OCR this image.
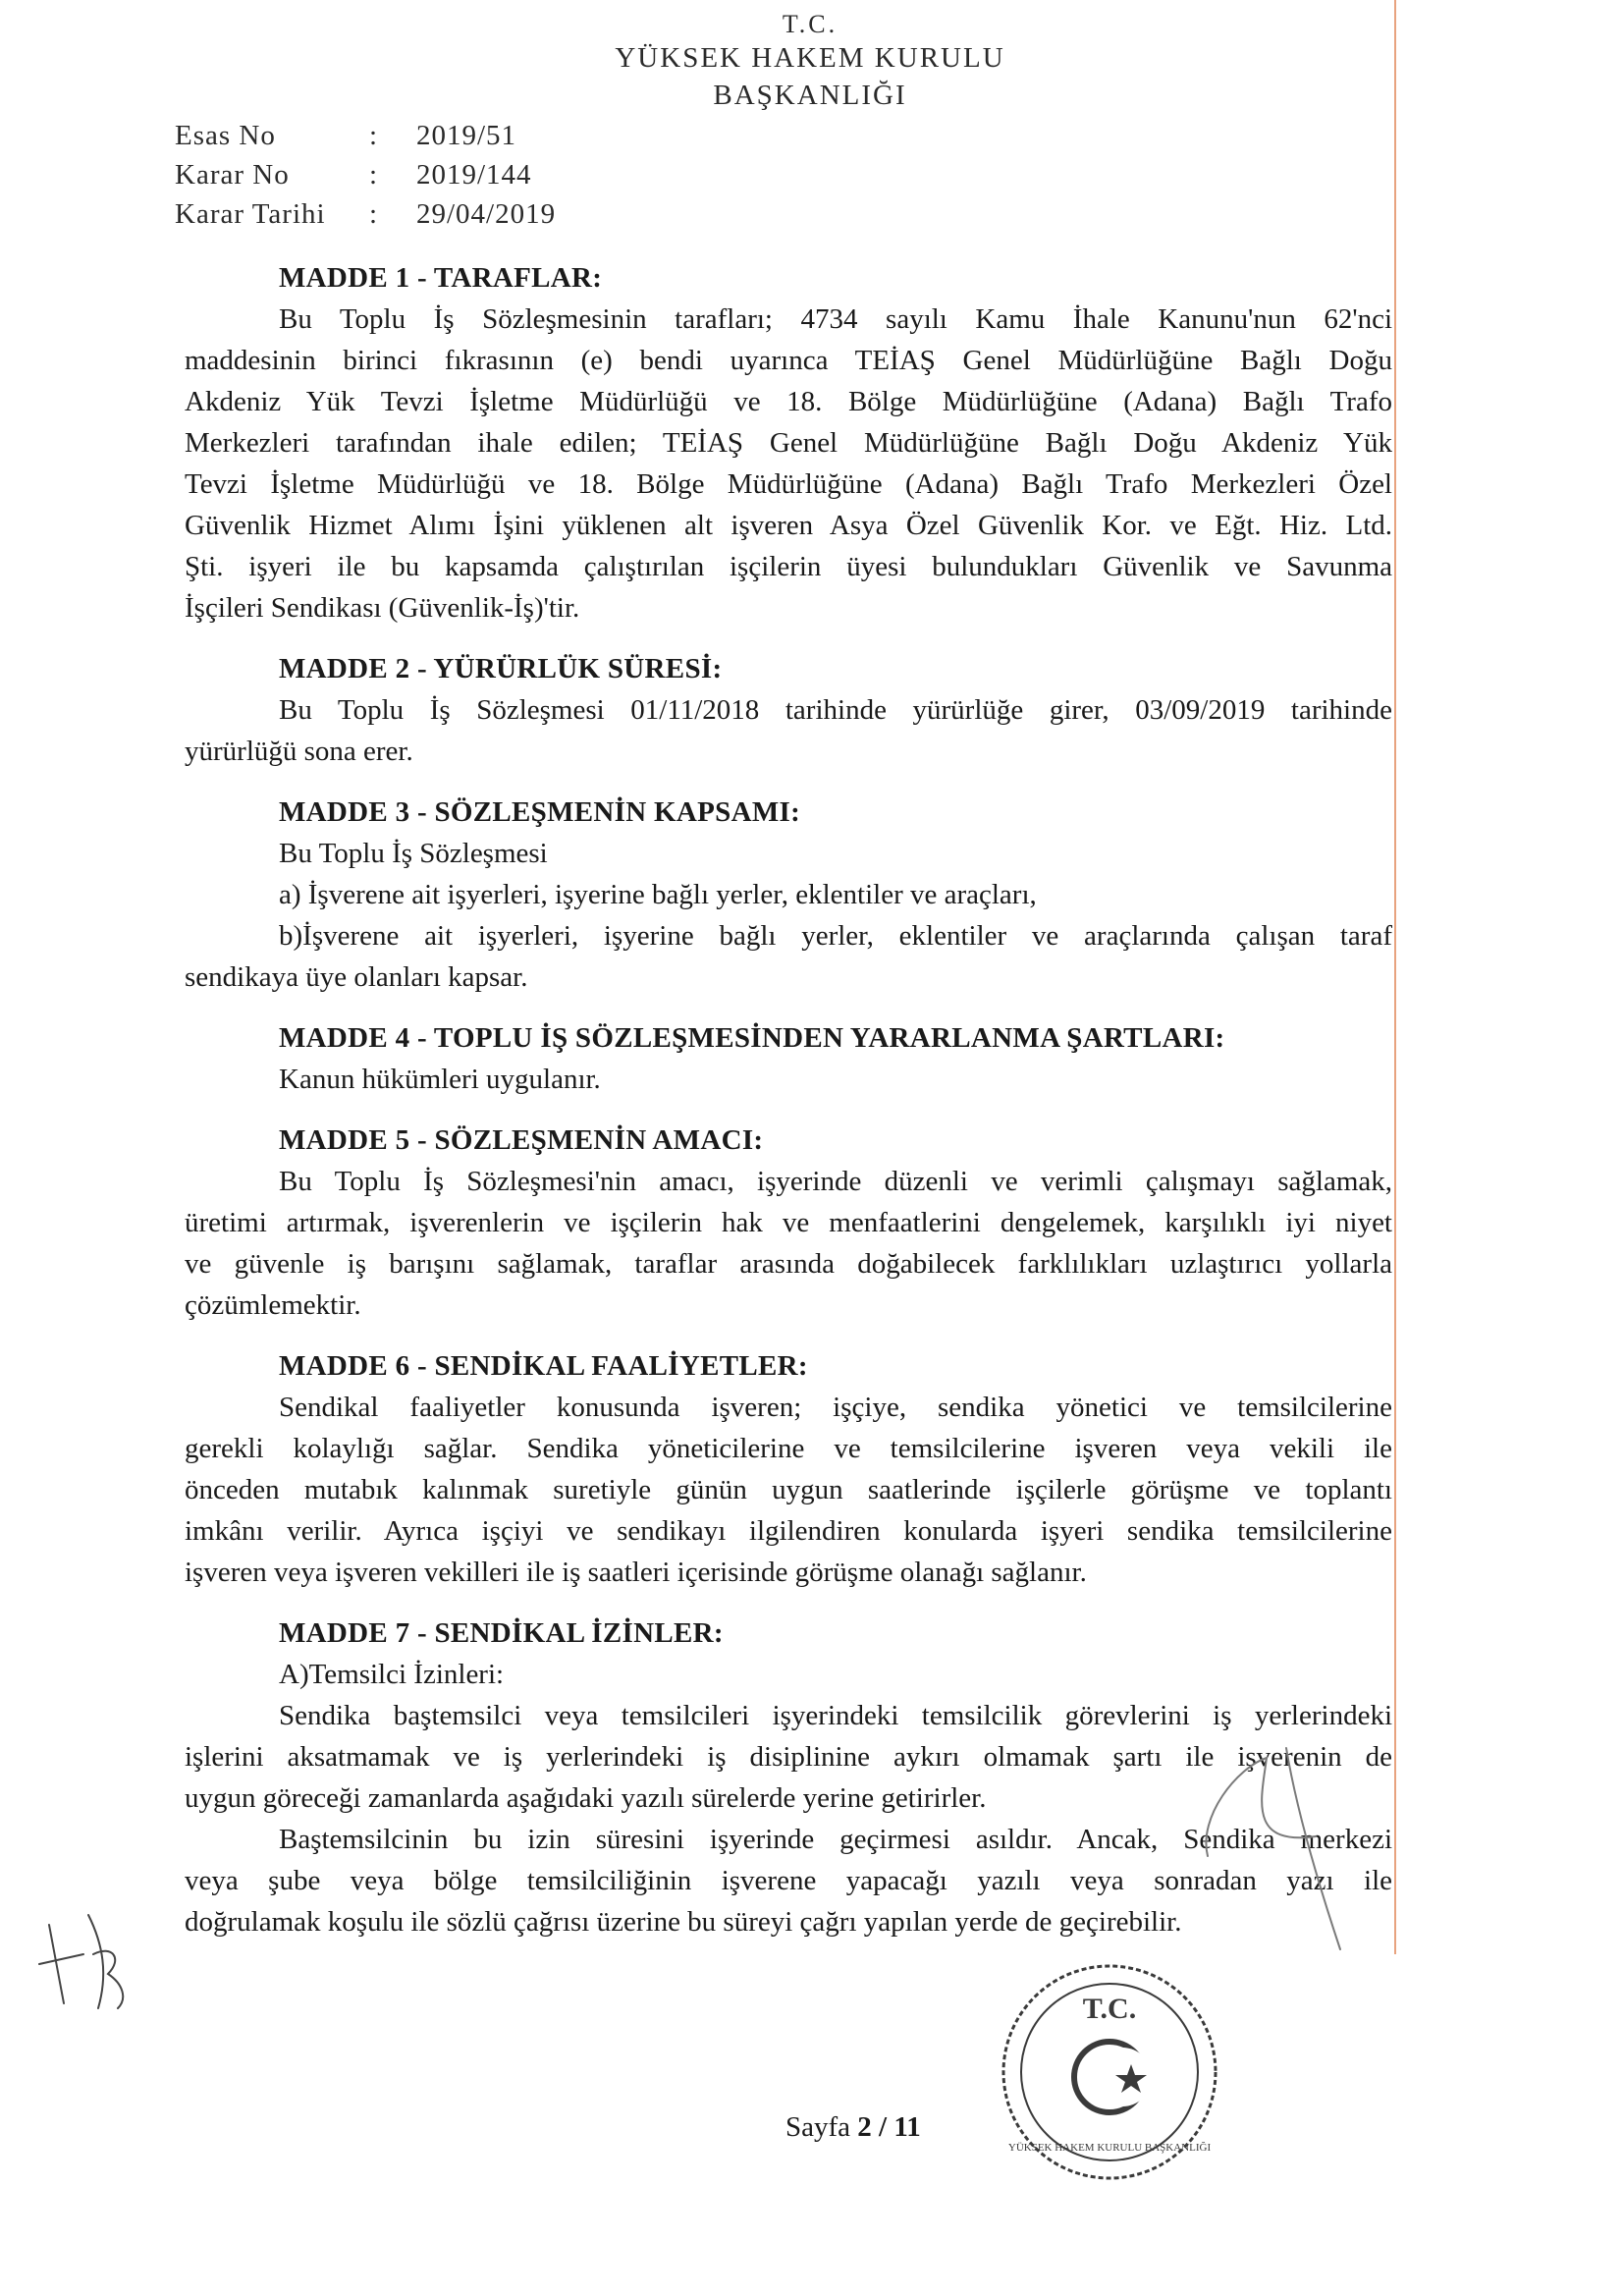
T.C.
YÜKSEK HAKEM KURULU
BAŞKANLIĞI
Esas No	: 2019/51
Karar No	: 2019/144
Karar Tarihi : 29/04/2019
MADDE 1 - TARAFLAR:
Bu Toplu İş Sözleşmesinin tarafları; 4734 sayılı Kamu İhale Kanunu'nun 62'nci
maddesinin birinci fıkrasının (e) bendi uyarınca TEİAŞ Genel Müdürlüğüne Bağlı Doğu
Akdeniz Yük Tevzi İşletme Müdürlüğü ve 18. Bölge Müdürlüğüne (Adana) Bağlı Trafo
Merkezleri tarafından ihale edilen; TEİAŞ Genel Müdürlüğüne Bağlı Doğu Akdeniz Yük
Tevzi İşletme Müdürlüğü ve 18. Bölge Müdürlüğüne (Adana) Bağlı Trafo Merkezleri Özel
Güvenlik Hizmet Alımı İşini yüklenen alt işveren Asya Özel Güvenlik Kor. ve Eğt. Hiz. Ltd.
Şti. işyeri ile bu kapsamda çalıştırılan işçilerin üyesi bulundukları Güvenlik ve Savunma
İşçileri Sendikası (Güvenlik-İş)'tir.
MADDE 2 - YÜRÜRLÜK SÜRESİ:
Bu Toplu İş Sözleşmesi 01/11/2018 tarihinde yürürlüğe girer, 03/09/2019 tarihinde
yürürlüğü sona erer.
MADDE 3 - SÖZLEŞMENİN KAPSAMI:
Bu Toplu İş Sözleşmesi
a) İşverene ait işyerleri, işyerine bağlı yerler, eklentiler ve araçları,
b)İşverene ait işyerleri, işyerine bağlı yerler, eklentiler ve araçlarında çalışan taraf
sendikaya üye olanları kapsar.
MADDE 4 - TOPLU İŞ SÖZLEŞMESİNDEN YARARLANMA ŞARTLARI:
Kanun hükümleri uygulanır.
MADDE 5 - SÖZLEŞMENİN AMACI:
Bu Toplu İş Sözleşmesi'nin amacı, işyerinde düzenli ve verimli çalışmayı sağlamak,
üretimi artırmak, işverenlerin ve işçilerin hak ve menfaatlerini dengelemek, karşılıklı iyi niyet
ve güvenle iş barışını sağlamak, taraflar arasında doğabilecek farklılıkları uzlaştırıcı yollarla
çözümlemektir.
MADDE 6 - SENDİKAL FAALİYETLER:
Sendikal faaliyetler konusunda işveren; işçiye, sendika yönetici ve temsilcilerine
gerekli kolaylığı sağlar. Sendika yöneticilerine ve temsilcilerine işveren veya vekili ile
önceden mutabık kalınmak suretiyle günün uygun saatlerinde işçilerle görüşme ve toplantı
imkânı verilir. Ayrıca işçiyi ve sendikayı ilgilendiren konularda işyeri sendika temsilcilerine
işveren veya işveren vekilleri ile iş saatleri içerisinde görüşme olanağı sağlanır.
MADDE 7 - SENDİKAL İZİNLER:
A)Temsilci İzinleri:
Sendika baştemsilci veya temsilcileri işyerindeki temsilcilik görevlerini iş yerlerindeki
işlerini aksatmamak ve iş yerlerindeki iş disiplinine aykırı olmamak şartı ile işverenin de
uygun göreceği zamanlarda aşağıdaki yazılı sürelerde yerine getirirler.
Baştemsilcinin bu izin süresini işyerinde geçirmesi asıldır. Ancak, Sendika merkezi
veya şube veya bölge temsilciliğinin işverene yapacağı yazılı veya sonradan yazı ile
doğrulamak koşulu ile sözlü çağrısı üzerine bu süreyi çağrı yapılan yerde de geçirebilir.
T.C.
YÜKSEK HAKEM KURULU BAŞKANLIĞI
Sayfa 2 / 11
